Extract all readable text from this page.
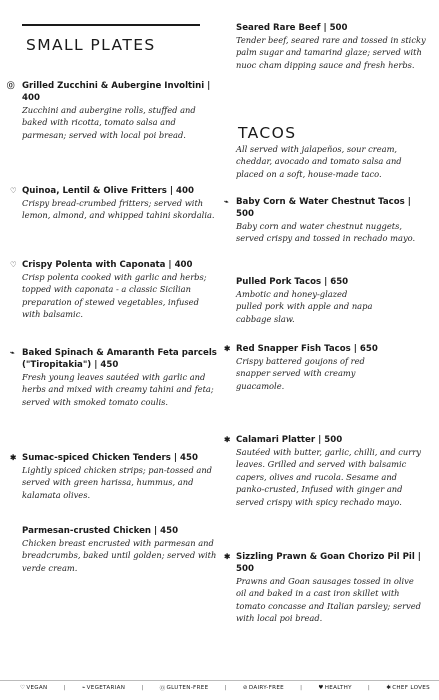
SMALL PLATES
⓪ Grilled Zucchini & Aubergine Involtini | 400
Zucchini and aubergine rolls, stuffed and baked with ricotta, tomato salsa and parmesan; served with local poi bread.
♡ Quinoa, Lentil & Olive Fritters | 400
Crispy bread-crumbed fritters; served with lemon, almond, and whipped tahini skordalia.
♡ Crispy Polenta with Caponata | 400
Crisp polenta cooked with garlic and herbs; topped with caponata - a classic Sicilian preparation of stewed vegetables, infused with balsamic.
⌁ Baked Spinach & Amaranth Feta parcels ("Tiropitakia") | 450
Fresh young leaves sautéed with garlic and herbs and mixed with creamy tahini and feta; served with smoked tomato coulis.
✱ Sumac-spiced Chicken Tenders | 450
Lightly spiced chicken strips; pan-tossed and served with green harissa, hummus, and kalamata olives.
Parmesan-crusted Chicken | 450
Chicken breast encrusted with parmesan and breadcrumbs, baked until golden; served with verde cream.
Seared Rare Beef | 500
Tender beef, seared rare and tossed in sticky palm sugar and tamarind glaze; served with nuoc cham dipping sauce and fresh herbs.
TACOS
All served with jalapeños, sour cream, cheddar, avocado and tomato salsa and placed on a soft, house-made taco.
⌁ Baby Corn & Water Chestnut Tacos | 500
Baby corn and water chestnut nuggets, served crispy and tossed in rechado mayo.
Pulled Pork Tacos | 650
Ambotic and honey-glazed pulled pork with apple and napa cabbage slaw.
✱ Red Snapper Fish Tacos | 650
Crispy battered goujons of red snapper served with creamy guacamole.
✱ Calamari Platter | 500
Sautéed with butter, garlic, chilli, and curry leaves. Grilled and served with balsamic capers, olives and rucola. Sesame and panko-crusted, Infused with ginger and served crispy with spicy rechado mayo.
✱ Sizzling Prawn & Goan Chorizo Pil Pil | 500
Prawns and Goan sausages tossed in olive oil and baked in a cast iron skillet with tomato concasse and Italian parsley; served with local poi bread.
♡ VEGAN	|	⌁ VEGETARIAN	|	⓪ GLUTEN-FREE	|	⊘ DAIRY-FREE	|	♥ HEALTHY	|	✱ CHEF LOVES
